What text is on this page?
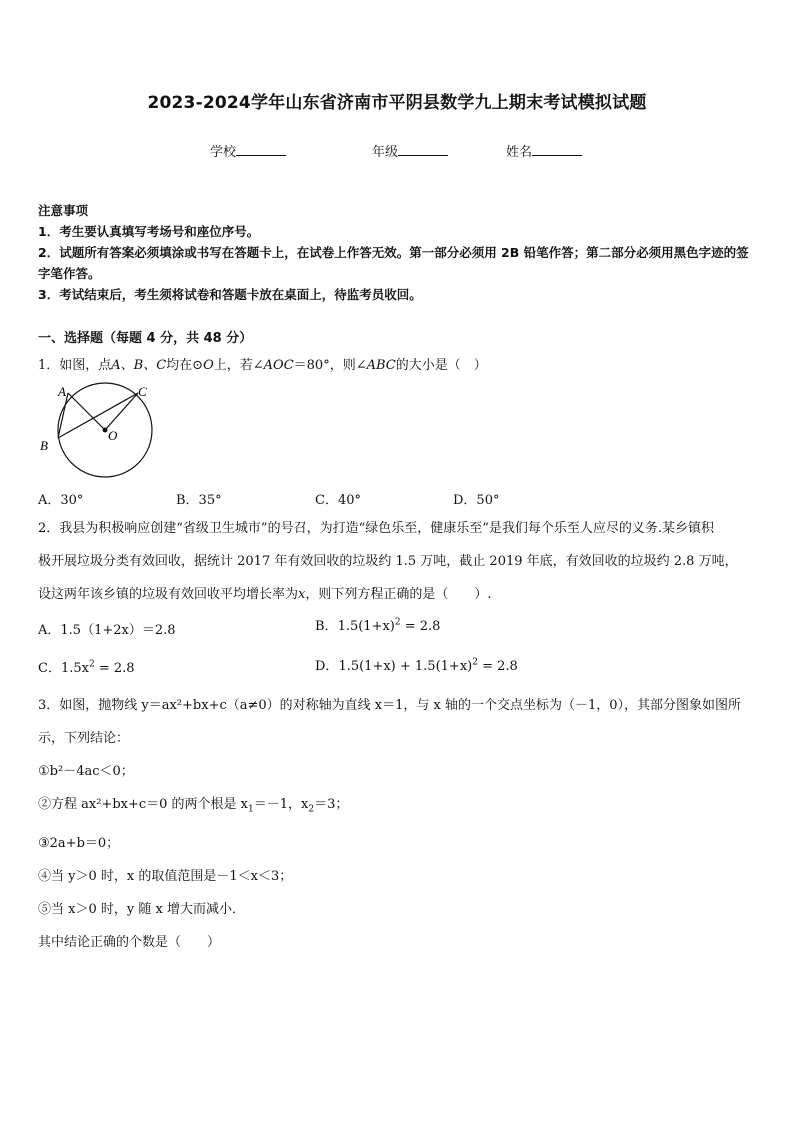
2023-2024学年山东省济南市平阴县数学九上期末考试模拟试题
学校	年级	姓名
注意事项
1．考生要认真填写考场号和座位序号。
2．试题所有答案必须填涂或书写在答题卡上，在试卷上作答无效。第一部分必须用 2B 铅笔作答；第二部分必须用黑色字迹的签字笔作答。
3．考试结束后，考生须将试卷和答题卡放在桌面上，待监考员收回。
一、选择题（每题 4 分，共 48 分）
1．如图，点A、B、C均在⊙O上，若∠AOC＝80°，则∠ABC的大小是（　）
A
B
C
O
A．30°	B．35°	C．40°	D．50°
2．我县为积极响应创建“省级卫生城市”的号召，为打造“绿色乐至，健康乐至”是我们每个乐至人应尽的义务.某乡镇积
极开展垃圾分类有效回收，据统计 2017 年有效回收的垃圾约 1.5 万吨，截止 2019 年底，有效回收的垃圾约 2.8 万吨，
设这两年该乡镇的垃圾有效回收平均增长率为x，则下列方程正确的是（　　）.
A．1.5（1+2x）＝2.8	B．$1.5(1+x)^2 = 2.8$
C．$1.5x^2 = 2.8$	D．$1.5(1+x) + 1.5(1+x)^2 = 2.8$
3．如图，抛物线 y＝ax²+bx+c（a≠0）的对称轴为直线 x＝1，与 x 轴的一个交点坐标为（－1，0），其部分图象如图所
示，下列结论：
①b²－4ac＜0；
②方程 ax²+bx+c＝0 的两个根是 $x_1=-1$，$x_2=3$；
③2a+b＝0；
④当 y＞0 时，x 的取值范围是－1＜x＜3；
⑤当 x＞0 时，y 随 x 增大而减小．
其中结论正确的个数是（　　）
